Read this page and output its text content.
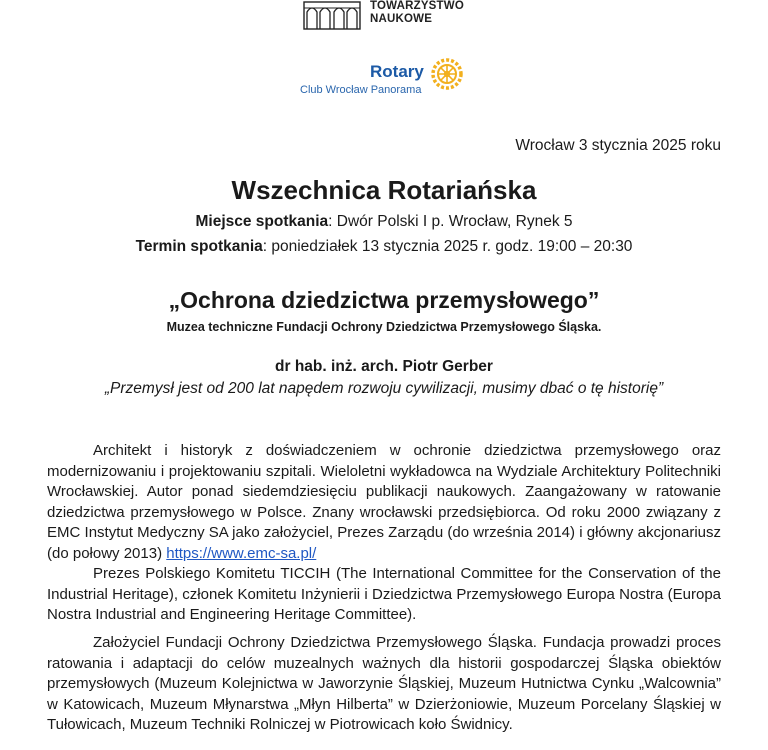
TOWARZYSTWO
NAUKOWE
Rotary
Club Wrocław Panorama
Wrocław 3 stycznia 2025 roku
Wszechnica Rotariańska
Miejsce spotkania: Dwór Polski I p. Wrocław, Rynek 5
Termin spotkania: poniedziałek 13 stycznia 2025 r. godz. 19:00 – 20:30
„Ochrona dziedzictwa przemysłowego”
Muzea techniczne Fundacji Ochrony Dziedzictwa Przemysłowego Śląska.
dr hab. inż. arch. Piotr Gerber
„Przemysł jest od 200 lat napędem rozwoju cywilizacji, musimy dbać o tę historię”
Architekt i historyk z doświadczeniem w ochronie dziedzictwa przemysłowego oraz modernizowaniu i projektowaniu szpitali. Wieloletni wykładowca na Wydziale Architektury Politechniki Wrocławskiej. Autor ponad siedemdziesięciu publikacji naukowych. Zaangażowany w ratowanie dziedzictwa przemysłowego w Polsce. Znany wrocławski przedsiębiorca. Od roku 2000 związany z EMC Instytut Medyczny SA jako założyciel, Prezes Zarządu (do września 2014) i główny akcjonariusz (do połowy 2013) https://www.emc-sa.pl/
Prezes Polskiego Komitetu TICCIH (The International Committee for the Conservation of the Industrial Heritage), członek Komitetu Inżynierii i Dziedzictwa Przemysłowego Europa Nostra (Europa Nostra Industrial and Engineering Heritage Committee).
Założyciel Fundacji Ochrony Dziedzictwa Przemysłowego Śląska. Fundacja prowadzi proces ratowania i adaptacji do celów muzealnych ważnych dla historii gospodarczej Śląska obiektów przemysłowych (Muzeum Kolejnictwa w Jaworzynie Śląskiej, Muzeum Hutnictwa Cynku „Walcownia” w Katowicach, Muzeum Młynarstwa „Młyn Hilberta” w Dzierżoniowie, Muzeum Porcelany Śląskiej w Tułowicach, Muzeum Techniki Rolniczej w Piotrowicach koło Świdnicy.
